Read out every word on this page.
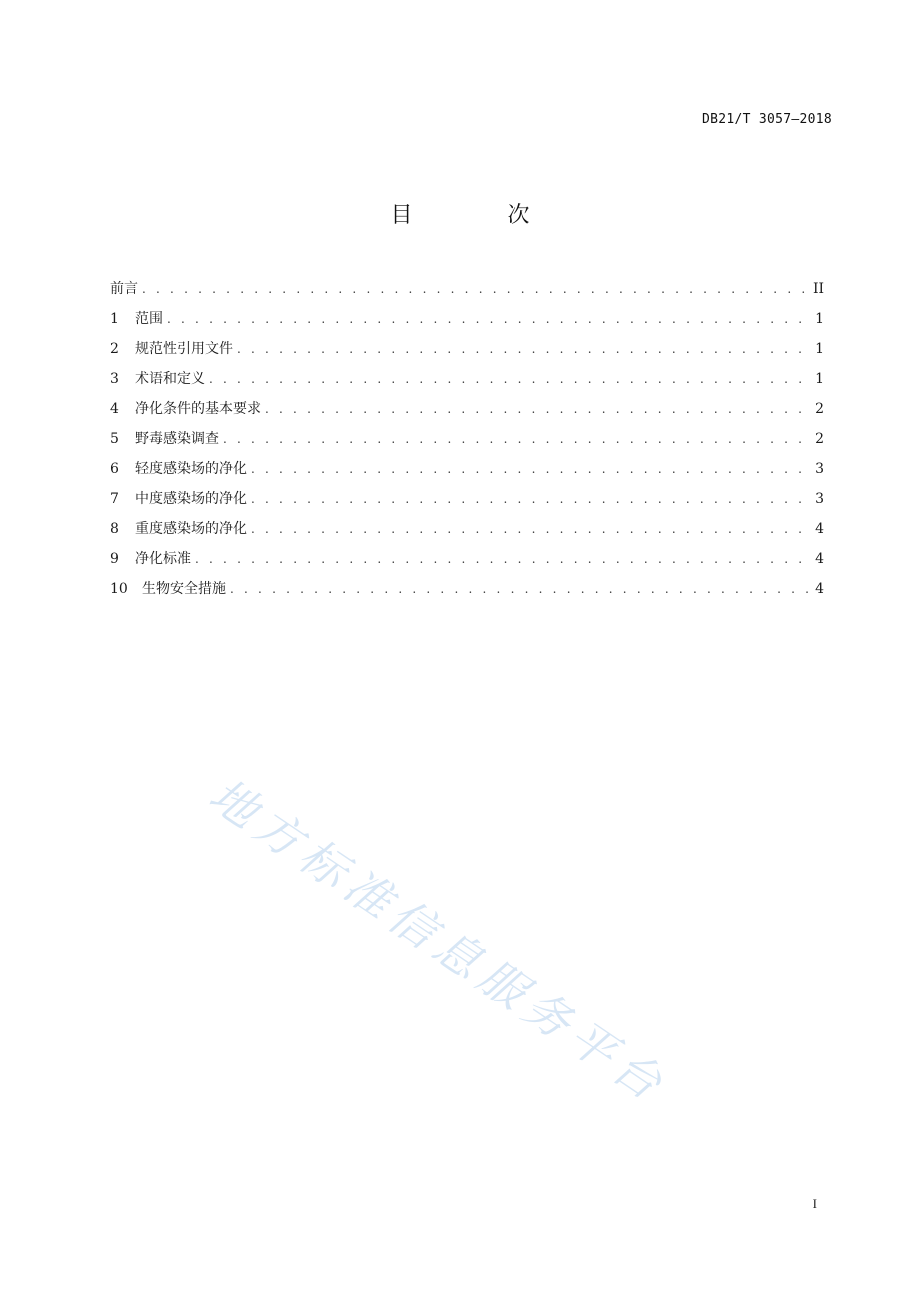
DB21/T 3057—2018
目 次
前言 . . .	II
1	范围 . . .	1
2	规范性引用文件 . . .	1
3	术语和定义 . . .	1
4	净化条件的基本要求 . . .	2
5	野毒感染调查 . . .	2
6	轻度感染场的净化 . . .	3
7	中度感染场的净化 . . .	3
8	重度感染场的净化 . . .	4
9	净化标准 . . .	4
10	生物安全措施 . . .	4
地方标准信息服务平台
I
